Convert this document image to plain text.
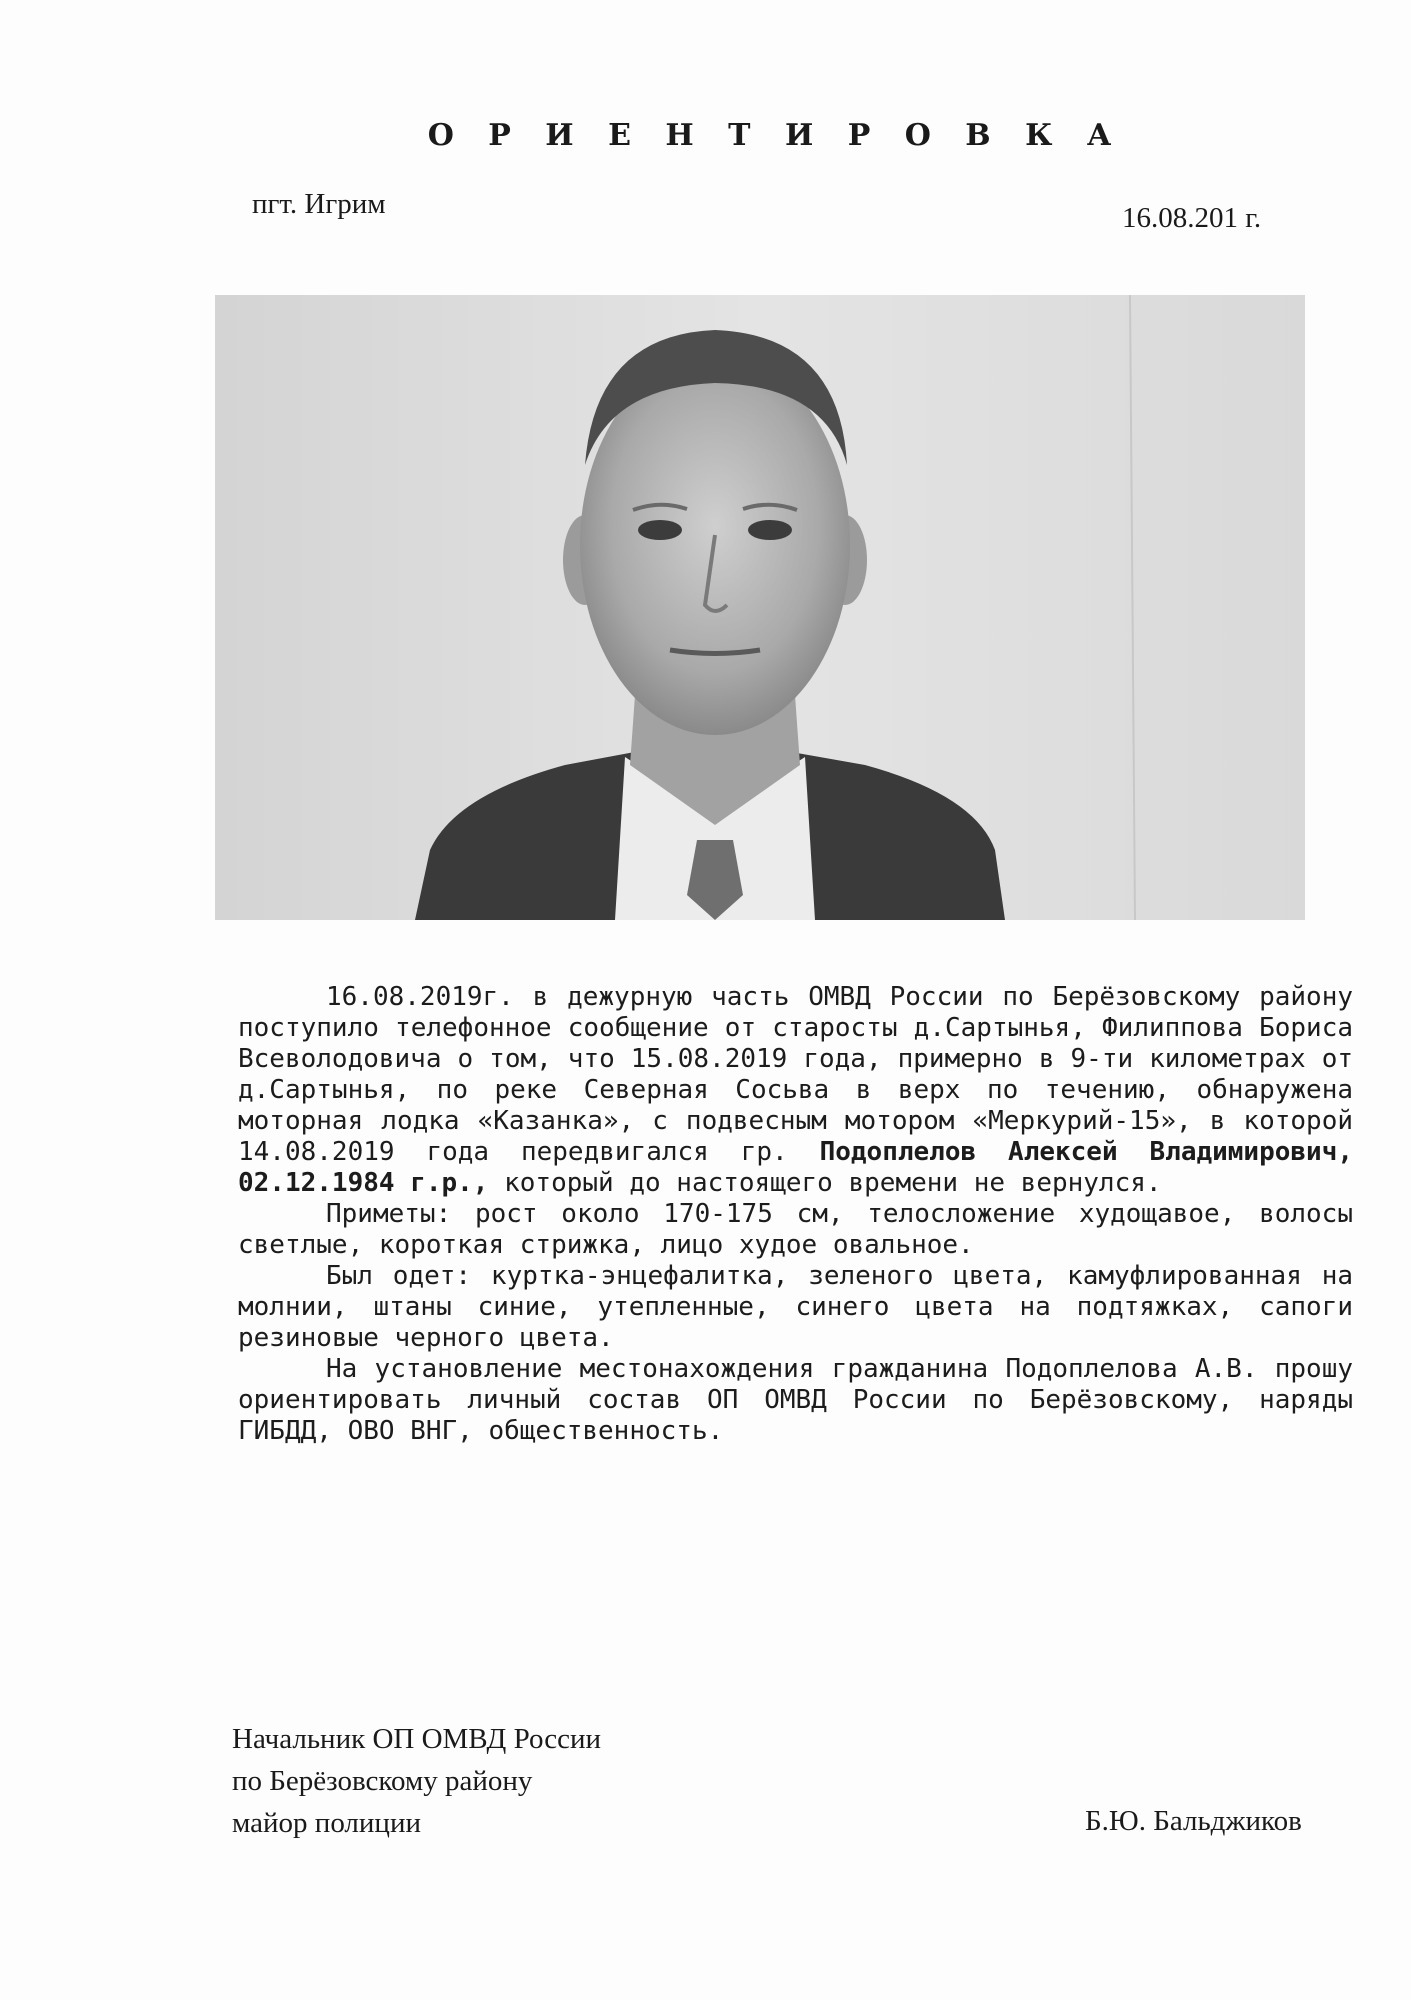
О Р И Е Н Т И Р О В К А
пгт. Игрим	16.08.201 г.

16.08.2019г. в дежурную часть ОМВД России по Берёзовскому району поступило телефонное сообщение от старосты д.Сартынья, Филиппова Бориса Всеволодовича о том, что 15.08.2019 года, примерно в 9-ти километрах от д.Сартынья, по реке Северная Сосьва в верх по течению, обнаружена моторная лодка «Казанка», с подвесным мотором «Меркурий-15», в которой 14.08.2019 года передвигался гр. Подоплелов Алексей Владимирович, 02.12.1984 г.р., который до настоящего времени не вернулся.

Приметы: рост около 170-175 см, телосложение худощавое, волосы светлые, короткая стрижка, лицо худое овальное.

Был одет: куртка-энцефалитка, зеленого цвета, камуфлированная на молнии, штаны синие, утепленные, синего цвета на подтяжках, сапоги резиновые черного цвета.

На установление местонахождения гражданина Подоплелова А.В. прошу ориентировать личный состав ОП ОМВД России по Берёзовскому, наряды ГИБДД, ОВО ВНГ, общественность.

Начальник ОП ОМВД России
по Берёзовскому району
майор полиции	Б.Ю. Бальджиков
